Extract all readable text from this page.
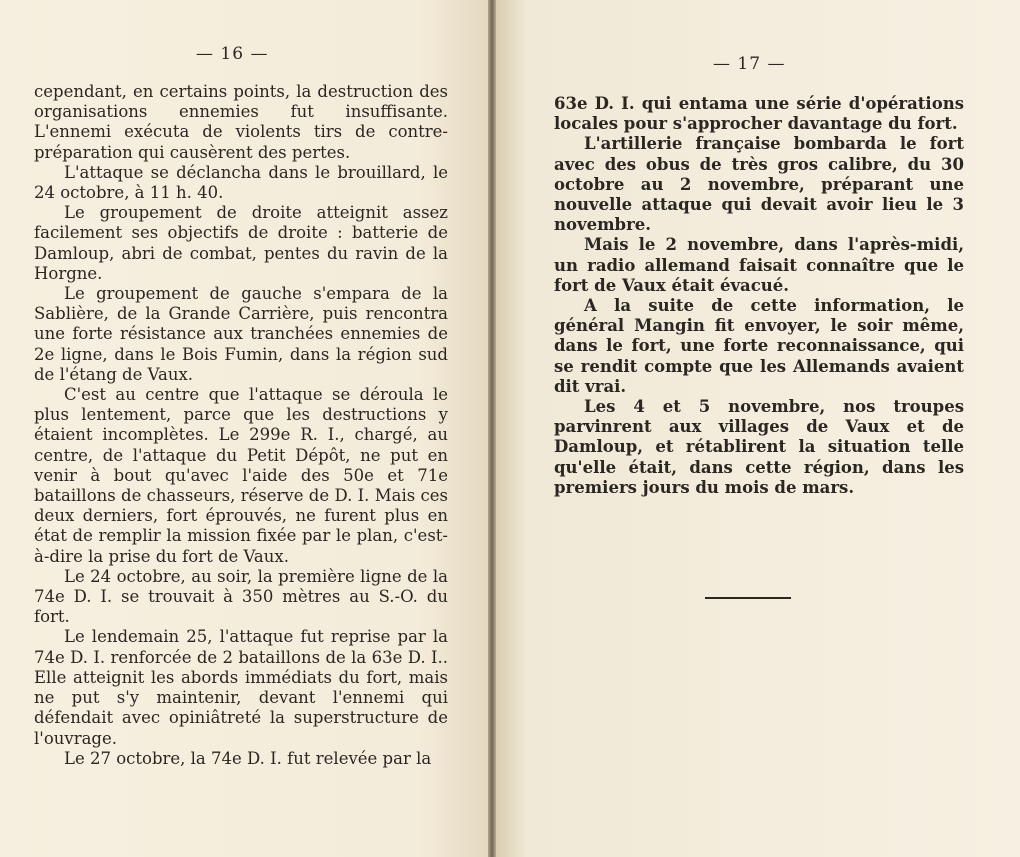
— 16 —

cependant, en certains points, la destruction des organisations ennemies fut insuffisante. L'ennemi exécuta de violents tirs de contre-préparation qui causèrent des pertes.

L'attaque se déclancha dans le brouillard, le 24 octobre, à 11 h. 40.

Le groupement de droite atteignit assez facilement ses objectifs de droite : batterie de Damloup, abri de combat, pentes du ravin de la Horgne.

Le groupement de gauche s'empara de la Sablière, de la Grande Carrière, puis rencontra une forte résistance aux tranchées ennemies de 2e ligne, dans le Bois Fumin, dans la région sud de l'étang de Vaux.

C'est au centre que l'attaque se déroula le plus lentement, parce que les destructions y étaient incomplètes. Le 299e R. I., chargé, au centre, de l'attaque du Petit Dépôt, ne put en venir à bout qu'avec l'aide des 50e et 71e bataillons de chasseurs, réserve de D. I. Mais ces deux derniers, fort éprouvés, ne furent plus en état de remplir la mission fixée par le plan, c'est-à-dire la prise du fort de Vaux.

Le 24 octobre, au soir, la première ligne de la 74e D. I. se trouvait à 350 mètres au S.-O. du fort.

Le lendemain 25, l'attaque fut reprise par la 74e D. I. renforcée de 2 bataillons de la 63e D. I.. Elle atteignit les abords immédiats du fort, mais ne put s'y maintenir, devant l'ennemi qui défendait avec opiniâtreté la superstructure de l'ouvrage.

Le 27 octobre, la 74e D. I. fut relevée par la

— 17 —

63e D. I. qui entama une série d'opérations locales pour s'approcher davantage du fort.

L'artillerie française bombarda le fort avec des obus de très gros calibre, du 30 octobre au 2 novembre, préparant une nouvelle attaque qui devait avoir lieu le 3 novembre.

Mais le 2 novembre, dans l'après-midi, un radio allemand faisait connaître que le fort de Vaux était évacué.

A la suite de cette information, le général Mangin fit envoyer, le soir même, dans le fort, une forte reconnaissance, qui se rendit compte que les Allemands avaient dit vrai.

Les 4 et 5 novembre, nos troupes parvinrent aux villages de Vaux et de Damloup, et rétablirent la situation telle qu'elle était, dans cette région, dans les premiers jours du mois de mars.
